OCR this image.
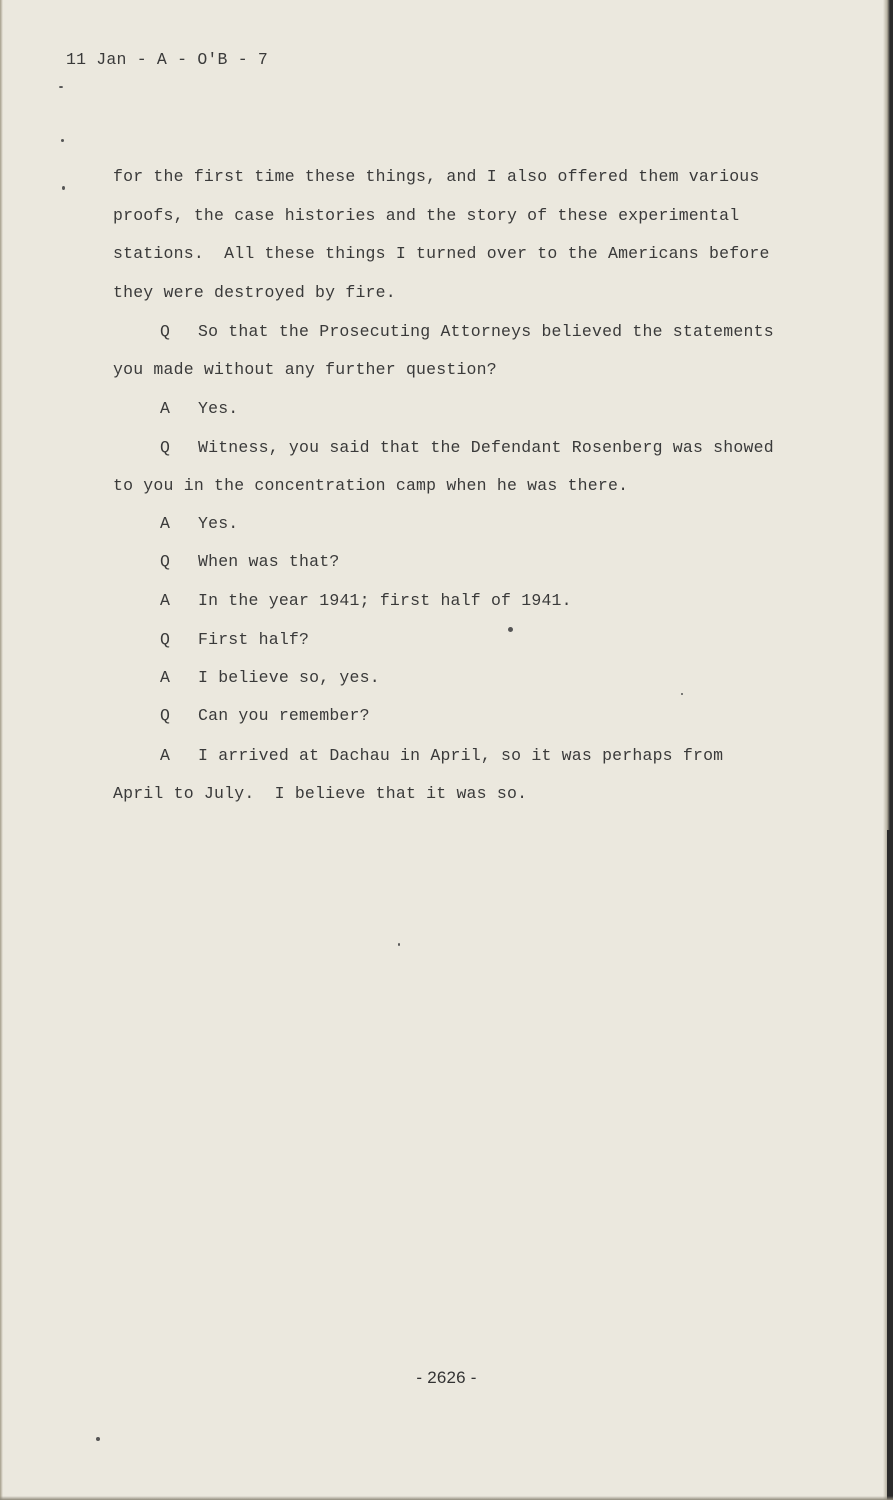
11 Jan - A - O'B - 7
for the first time these things, and I also offered them various
proofs, the case histories and the story of these experimental
stations.  All these things I turned over to the Americans before
they were destroyed by fire.
Q So that the Prosecuting Attorneys believed the statements
you made without any further question?
A Yes.
Q Witness, you said that the Defendant Rosenberg was showed
to you in the concentration camp when he was there.
A Yes.
Q When was that?
A In the year 1941; first half of 1941.
Q First half?
A I believe so, yes.
Q Can you remember?
A I arrived at Dachau in April, so it was perhaps from
April to July.  I believe that it was so.
- 2626 -
